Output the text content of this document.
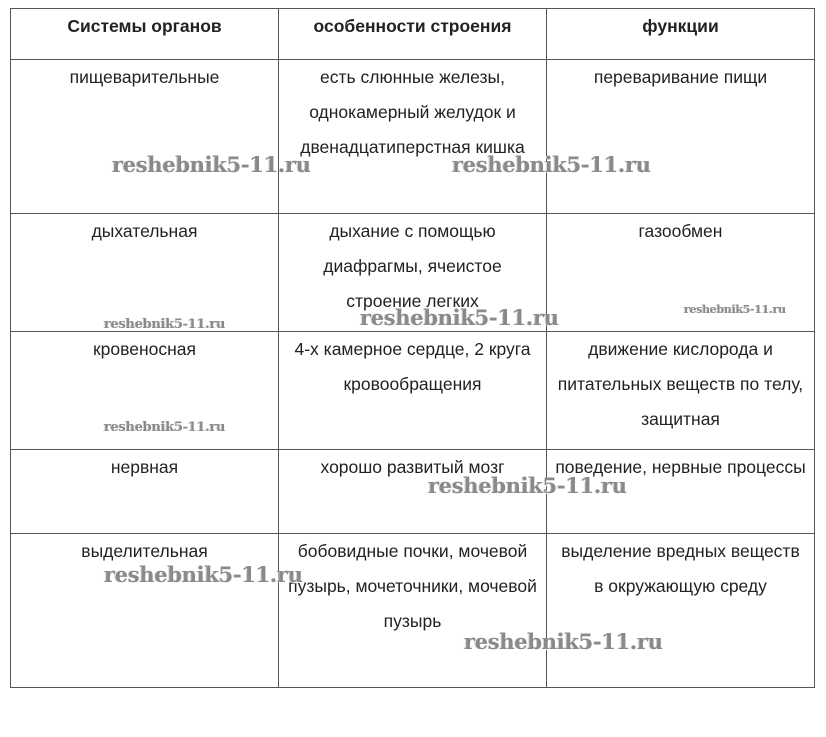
Системы органов	особенности строения	функции
пищеварительные	есть слюнные железы, однокамерный желудок и двенадцатиперстная кишка	переваривание пищи
дыхательная	дыхание с помощью диафрагмы, ячеистое строение легких	газообмен
кровеносная	4-х камерное сердце, 2 круга кровообращения	движение кислорода и питательных веществ по телу, защитная
нервная	хорошо развитый мозг	поведение, нервные процессы
выделительная	бобовидные почки, мочевой пузырь, мочеточники, мочевой пузырь	выделение вредных веществ в окружающую среду
reshebnik5-11.ru	reshebnik5-11.ru
reshebnik5-11.ru
reshebnik5-11.ru	reshebnik5-11.ru
reshebnik5-11.ru
reshebnik5-11.ru
reshebnik5-11.ru
reshebnik5-11.ru
